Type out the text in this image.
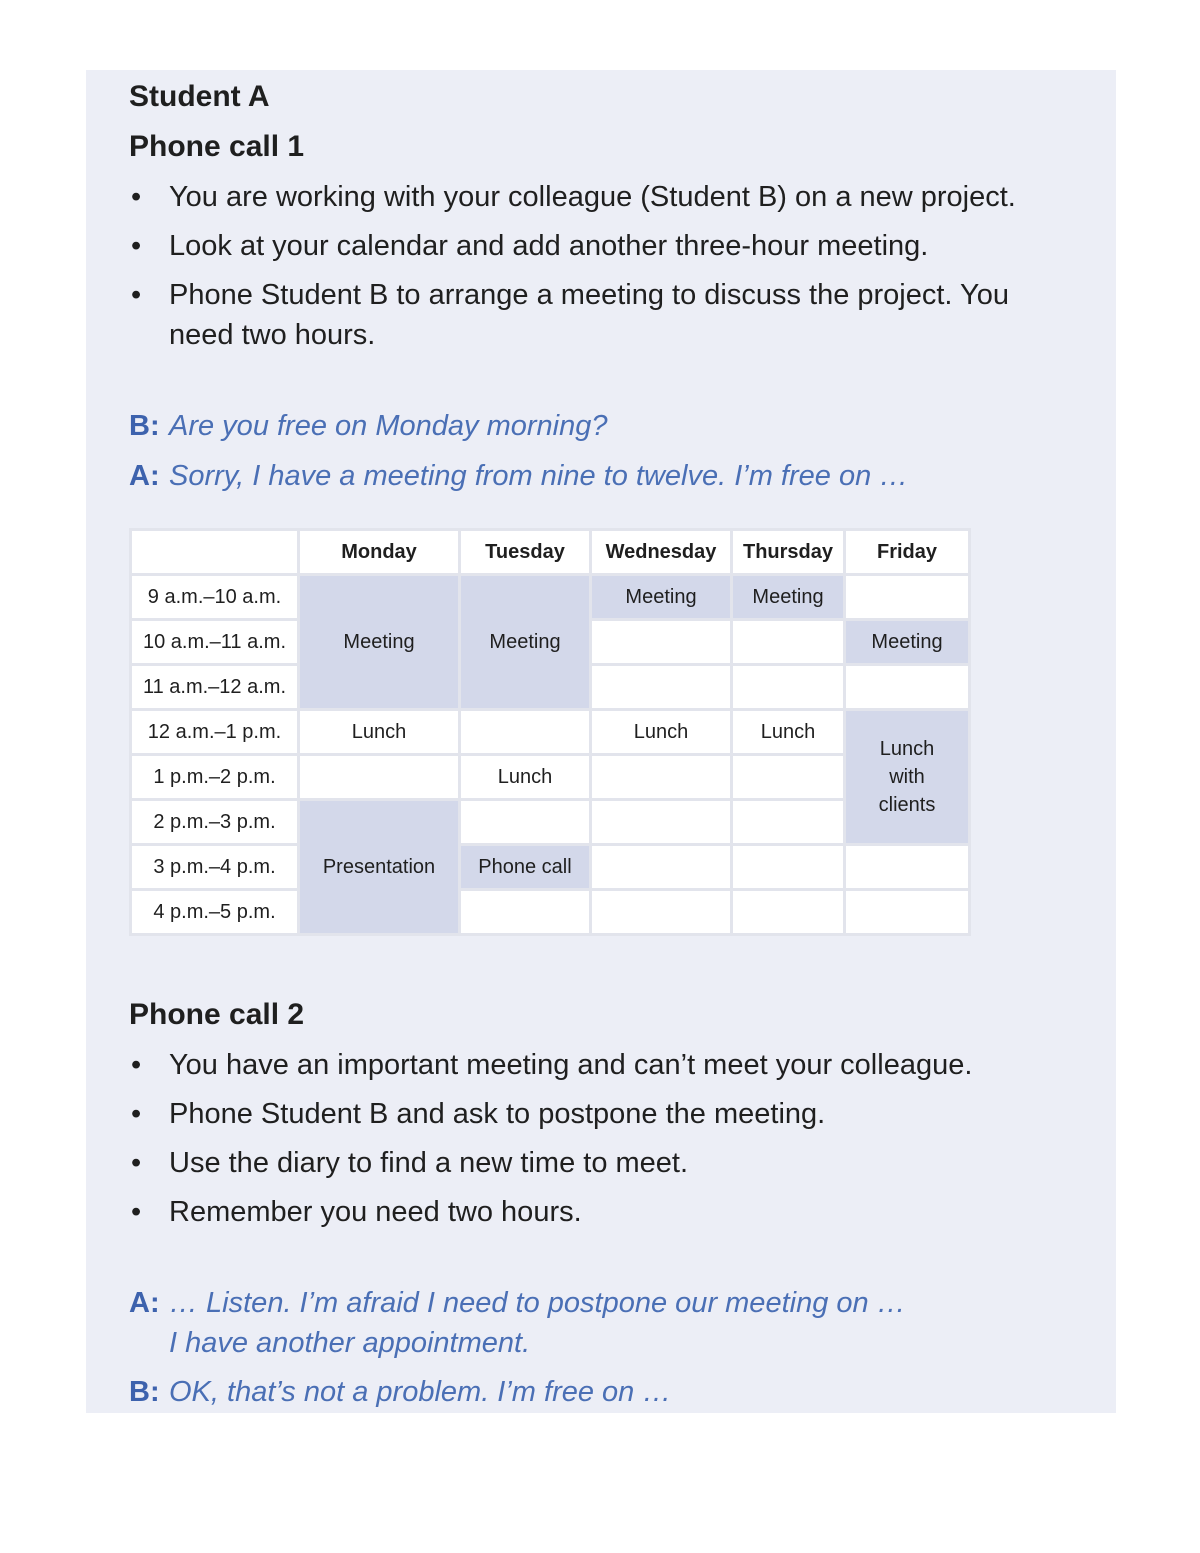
Student A
Phone call 1
• You are working with your colleague (Student B) on a new project.
• Look at your calendar and add another three-hour meeting.
• Phone Student B to arrange a meeting to discuss the project. You need two hours.
B: Are you free on Monday morning?
A: Sorry, I have a meeting from nine to twelve. I’m free on …
	Monday	Tuesday	Wednesday	Thursday	Friday
9 a.m.–10 a.m.	Meeting	Meeting	Meeting	Meeting	
10 a.m.–11 a.m.					Meeting
11 a.m.–12 a.m.					
12 a.m.–1 p.m.	Lunch		Lunch	Lunch	Lunch with clients

1 p.m.–2 p.m.		Lunch			
2 p.m.–3 p.m.	Presentation				
3 p.m.–4 p.m.		Phone call			
4 p.m.–5 p.m.					
Phone call 2
• You have an important meeting and can’t meet your colleague.
• Phone Student B and ask to postpone the meeting.
• Use the diary to find a new time to meet.
• Remember you need two hours.
A: … Listen. I’m afraid I need to postpone our meeting on …
I have another appointment.
B: OK, that’s not a problem. I’m free on …
